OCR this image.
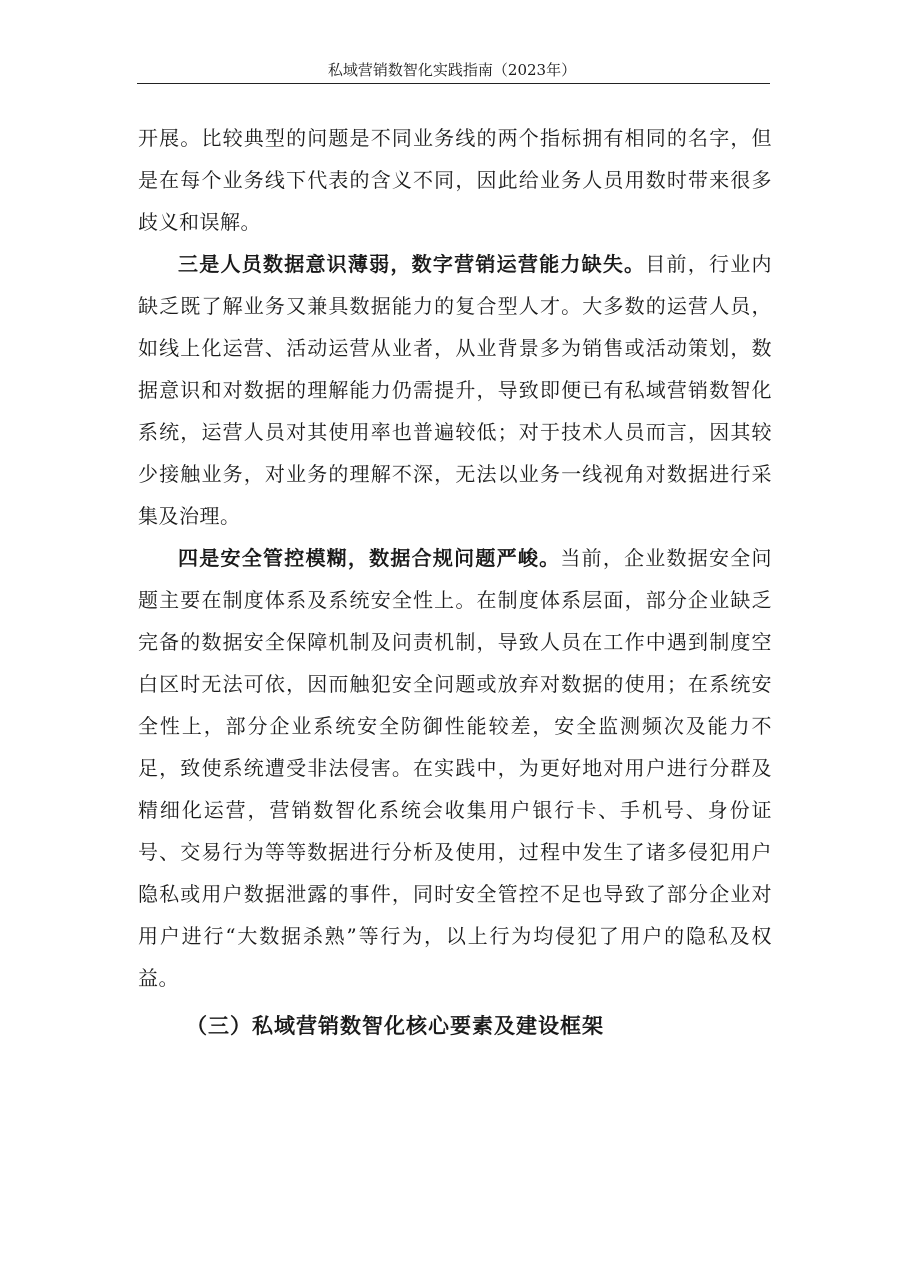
私域营销数智化实践指南（2023年）

开展。比较典型的问题是不同业务线的两个指标拥有相同的名字，但是在每个业务线下代表的含义不同，因此给业务人员用数时带来很多歧义和误解。

三是人员数据意识薄弱，数字营销运营能力缺失。目前，行业内缺乏既了解业务又兼具数据能力的复合型人才。大多数的运营人员，如线上化运营、活动运营从业者，从业背景多为销售或活动策划，数据意识和对数据的理解能力仍需提升，导致即便已有私域营销数智化系统，运营人员对其使用率也普遍较低；对于技术人员而言，因其较少接触业务，对业务的理解不深，无法以业务一线视角对数据进行采集及治理。

四是安全管控模糊，数据合规问题严峻。当前，企业数据安全问题主要在制度体系及系统安全性上。在制度体系层面，部分企业缺乏完备的数据安全保障机制及问责机制，导致人员在工作中遇到制度空白区时无法可依，因而触犯安全问题或放弃对数据的使用；在系统安全性上，部分企业系统安全防御性能较差，安全监测频次及能力不足，致使系统遭受非法侵害。在实践中，为更好地对用户进行分群及精细化运营，营销数智化系统会收集用户银行卡、手机号、身份证号、交易行为等等数据进行分析及使用，过程中发生了诸多侵犯用户隐私或用户数据泄露的事件，同时安全管控不足也导致了部分企业对用户进行“大数据杀熟”等行为，以上行为均侵犯了用户的隐私及权益。

（三）私域营销数智化核心要素及建设框架
